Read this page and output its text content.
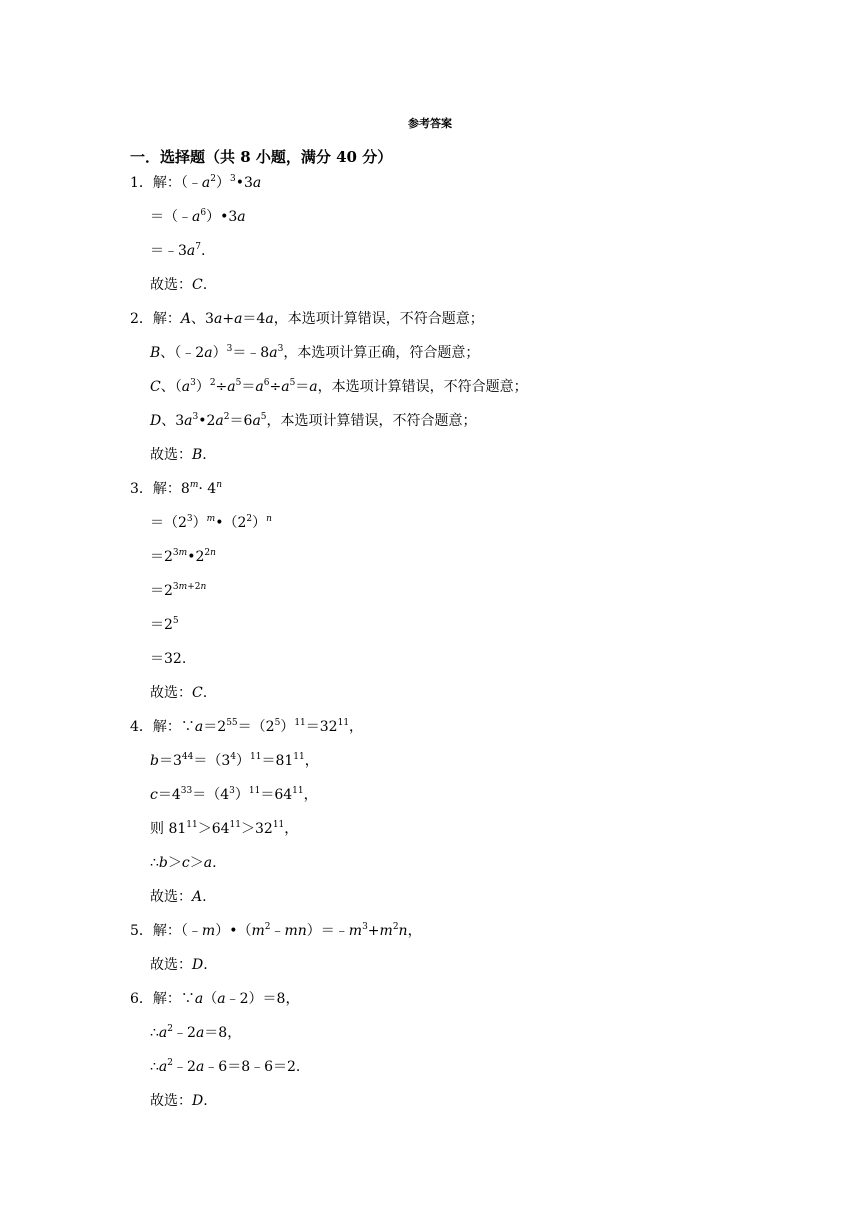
参考答案
一．选择题（共 8 小题，满分 40 分）
1．解：$(﹣a^2)^3•3a$
$=(﹣a^6)•3a$
$=﹣3a^7$.
故选：C.
2．解：A、3a+a＝4a，本选项计算错误，不符合题意；
B、$(﹣2a)^3=﹣8a^3$，本选项计算正确，符合题意；
C、$(a^3)^2\div a^5=a^6\div a^5=a$，本选项计算错误，不符合题意；
D、$3a^3•2a^2=6a^5$，本选项计算错误，不符合题意；
故选：B.
3．解：$8^m\cdot 4^n$
$=(2^3)^m•(2^2)^n$
$=2^{3m}•2^{2n}$
$=2^{3m+2n}$
$=2^5$
＝32.
故选：C.
4．解：$\because a=2^{55}=(2^5)^{11}=32^{11}$，
$b=3^{44}=(3^4)^{11}=81^{11}$，
$c=4^{33}=(4^3)^{11}=64^{11}$，
则 $81^{11}>64^{11}>32^{11}$，
∴b＞c＞a.
故选：A.
5．解：$(﹣m)•(m^2﹣mn)=﹣m^3+m^2n$，
故选：D.
6．解：∵a（a﹣2）＝8，
$\therefore a^2﹣2a=8$，
$\therefore a^2﹣2a﹣6=8﹣6=2$.
故选：D.
